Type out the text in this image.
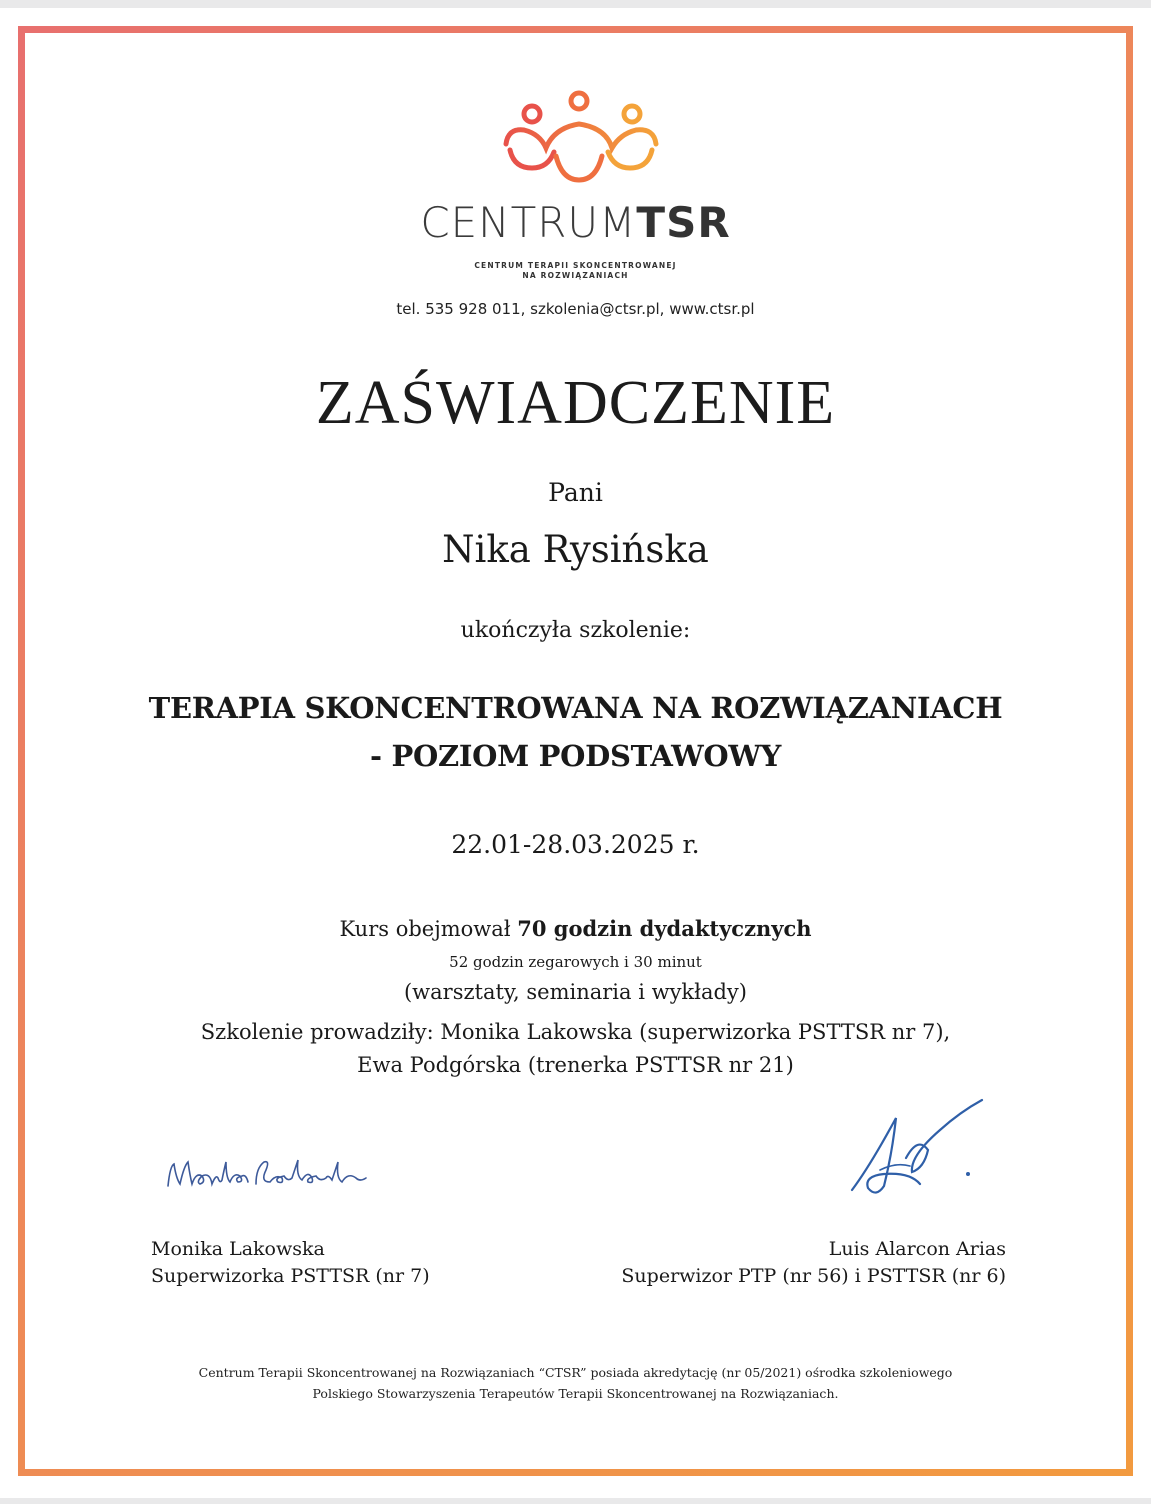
CENTRUMTSR
CENTRUM TERAPII SKONCENTROWANEJ
NA ROZWIĄZANIACH
tel. 535 928 011, szkolenia@ctsr.pl, www.ctsr.pl
ZAŚWIADCZENIE
Pani
Nika Rysińska
ukończyła szkolenie:
TERAPIA SKONCENTROWANA NA ROZWIĄZANIACH
- POZIOM PODSTAWOWY
22.01-28.03.2025 r.
Kurs obejmował 70 godzin dydaktycznych
52 godzin zegarowych i 30 minut
(warsztaty, seminaria i wykłady)
Szkolenie prowadziły: Monika Lakowska (superwizorka PSTTSR nr 7),
Ewa Podgórska (trenerka PSTTSR nr 21)
Monika Lakowska
Superwizorka PSTTSR (nr 7)
Luis Alarcon Arias
Superwizor PTP (nr 56) i PSTTSR (nr 6)
Centrum Terapii Skoncentrowanej na Rozwiązaniach “CTSR” posiada akredytację (nr 05/2021) ośrodka szkoleniowego
Polskiego Stowarzyszenia Terapeutów Terapii Skoncentrowanej na Rozwiązaniach.
